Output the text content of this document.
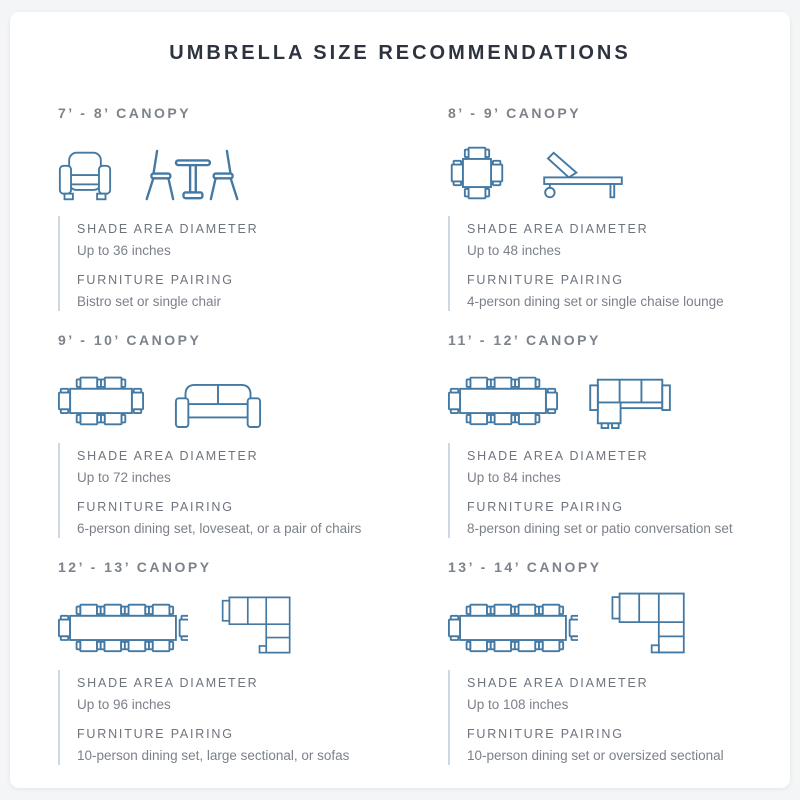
UMBRELLA SIZE RECOMMENDATIONS
7’ - 8’ CANOPY

SHADE AREA DIAMETER

Up to 36 inches

FURNITURE PAIRING

Bistro set or single chair

8’ - 9’ CANOPY

SHADE AREA DIAMETER

Up to 48 inches

FURNITURE PAIRING

4-person dining set or single chaise lounge

9’ - 10’ CANOPY

SHADE AREA DIAMETER

Up to 72 inches

FURNITURE PAIRING

6-person dining set, loveseat, or a pair of chairs

11’ - 12’ CANOPY

SHADE AREA DIAMETER

Up to 84 inches

FURNITURE PAIRING

8-person dining set or patio conversation set

12’ - 13’ CANOPY

SHADE AREA DIAMETER

Up to 96 inches

FURNITURE PAIRING

10-person dining set, large sectional, or sofas

13’ - 14’ CANOPY

SHADE AREA DIAMETER

Up to 108 inches

FURNITURE PAIRING

10-person dining set or oversized sectional
